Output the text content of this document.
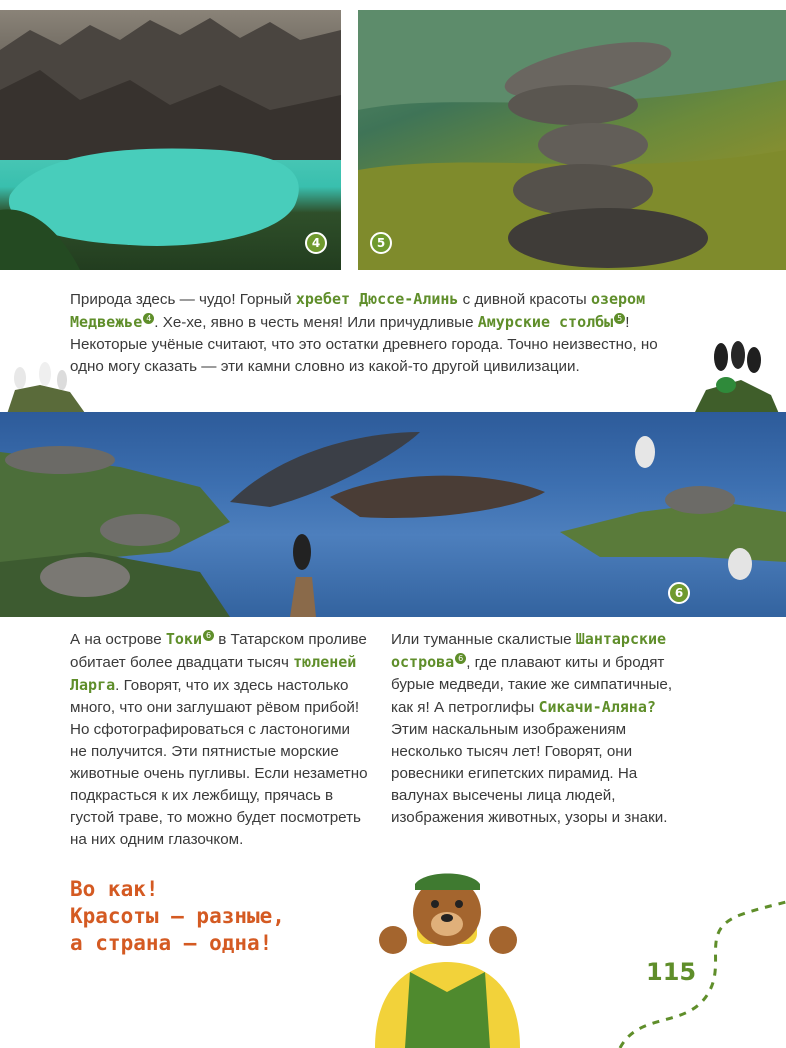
4	5
Природа здесь — чудо! Горный хребет Дюссе-Алинь с дивной красоты озером Медвежье $^4$ . Хе-хе, явно в честь меня! Или причудливые Амурские столбы $^5$ ! Некоторые учёные считают, что это остатки древнего города. Точно неизвестно, но одно могу сказать — эти камни словно из какой-то другой цивилизации.
6
А на острове Токи $^6$ в Татарском проливе обитает более двадцати тысяч тюленей Ларга. Говорят, что их здесь настолько много, что они заглушают рёвом прибой! Но сфотографироваться с ластоногими не получится. Эти пятнистые морские животные очень пугливы. Если незаметно подкрасться к их лежбищу, прячась в густой траве, то можно будет посмотреть на них одним глазочком.
Или туманные скалистые Шантарские острова $^6$ , где плавают киты и бродят бурые медведи, такие же симпатичные, как я! А петроглифы Сикачи-Аляна? Этим наскальным изображениям несколько тысяч лет! Говорят, они ровесники египетских пирамид. На валунах высечены лица людей, изображения животных, узоры и знаки.
Во как!
Красоты — разные,
а страна — одна!
115
